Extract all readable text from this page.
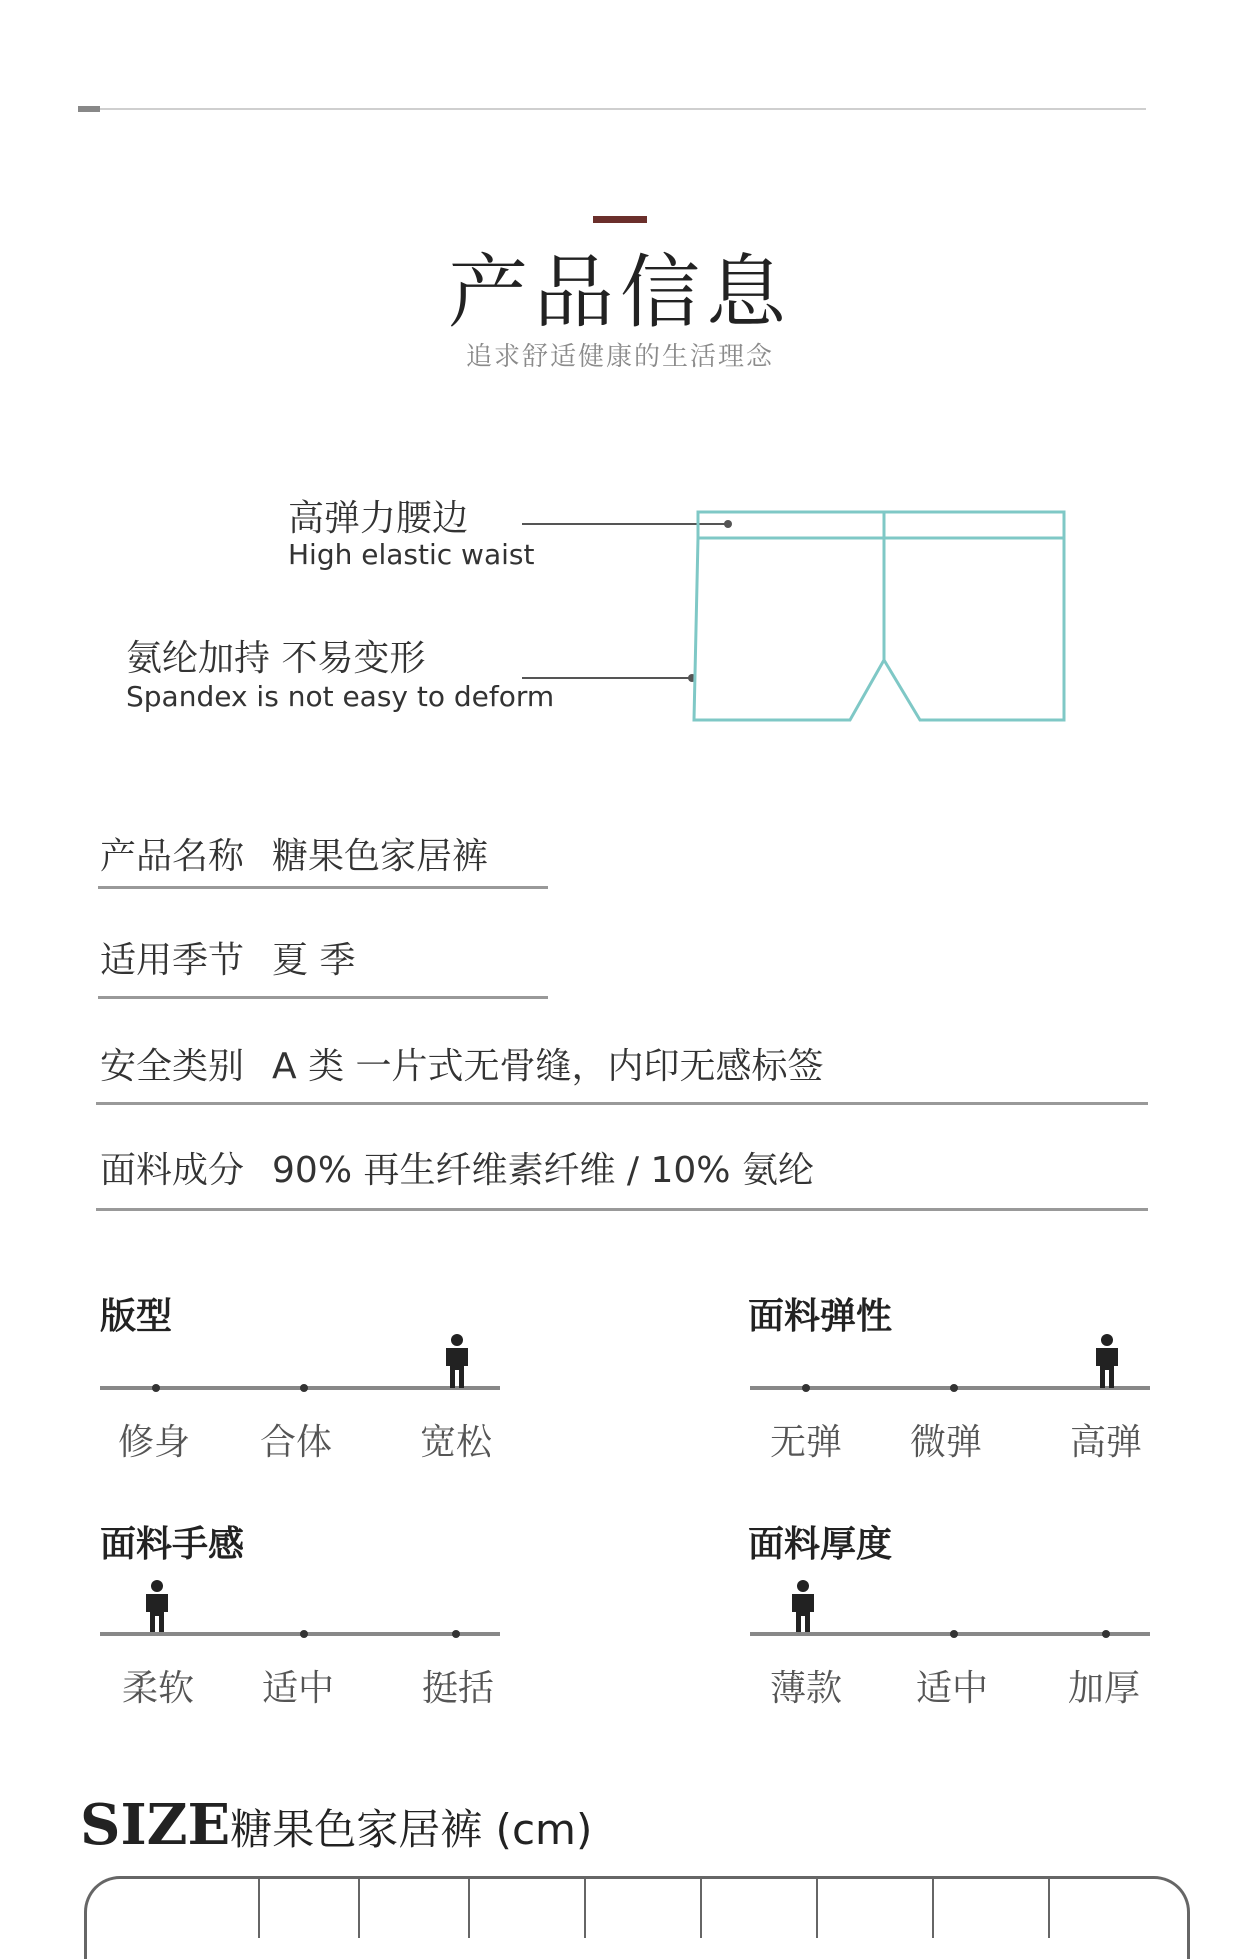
产品信息
追求舒适健康的生活理念
高弹力腰边
High elastic waist
氨纶加持 不易变形
Spandex is not easy to deform
产品名称 糖果色家居裤
适用季节 夏 季
安全类别 A 类 一片式无骨缝，内印无感标签
面料成分 90% 再生纤维素纤维 / 10% 氨纶
版型
修身	合体	宽松
面料弹性
无弹	微弹	高弹
面料手感
柔软	适中	挺括
面料厚度
薄款	适中	加厚
SIZE糖果色家居裤 (cm)
